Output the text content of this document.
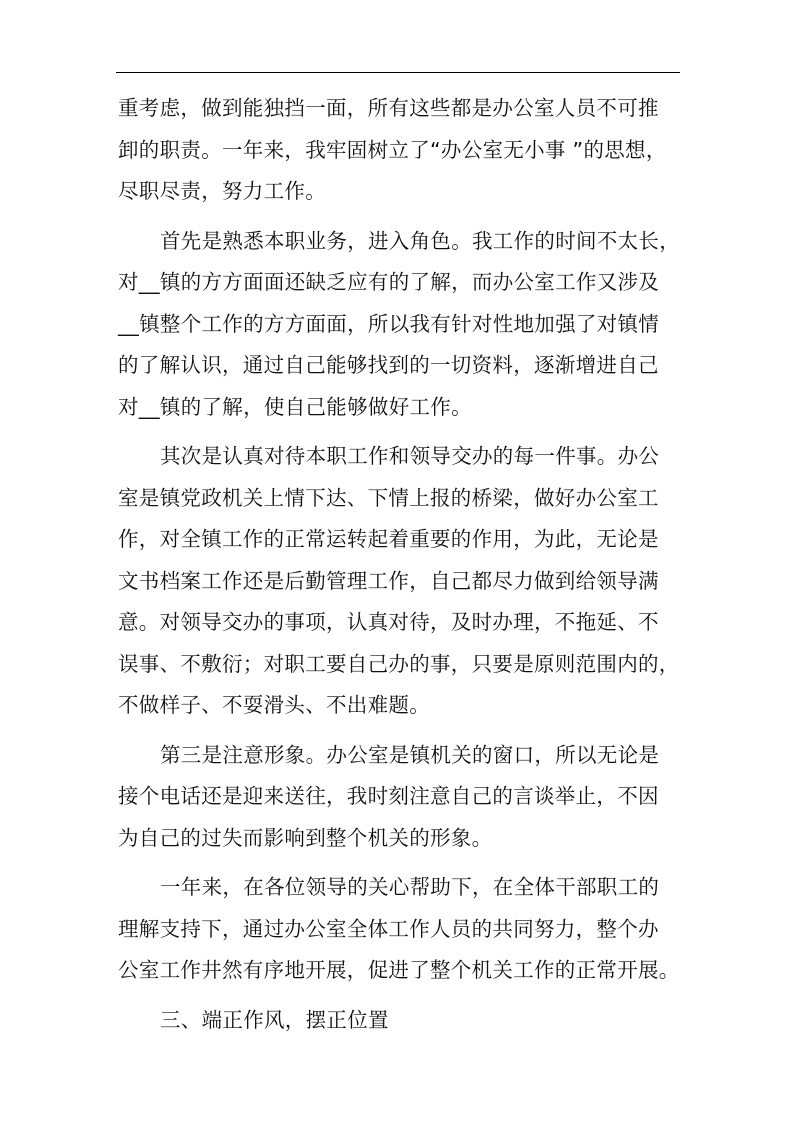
重考虑，做到能独挡一面，所有这些都是办公室人员不可推
卸的职责。一年来，我牢固树立了“办公室无小事 ”的思想，
尽职尽责，努力工作。
首先是熟悉本职业务，进入角色。我工作的时间不太长，
对__镇的方方面面还缺乏应有的了解，而办公室工作又涉及
__镇整个工作的方方面面，所以我有针对性地加强了对镇情
的了解认识，通过自己能够找到的一切资料，逐渐增进自己
对__镇的了解，使自己能够做好工作。
其次是认真对待本职工作和领导交办的每一件事。办公
室是镇党政机关上情下达、下情上报的桥梁，做好办公室工
作，对全镇工作的正常运转起着重要的作用，为此，无论是
文书档案工作还是后勤管理工作，自己都尽力做到给领导满
意。对领导交办的事项，认真对待，及时办理，不拖延、不
误事、不敷衍；对职工要自己办的事，只要是原则范围内的，
不做样子、不耍滑头、不出难题。
第三是注意形象。办公室是镇机关的窗口，所以无论是
接个电话还是迎来送往，我时刻注意自己的言谈举止，不因
为自己的过失而影响到整个机关的形象。
一年来，在各位领导的关心帮助下，在全体干部职工的
理解支持下，通过办公室全体工作人员的共同努力，整个办
公室工作井然有序地开展，促进了整个机关工作的正常开展。
三、端正作风，摆正位置
